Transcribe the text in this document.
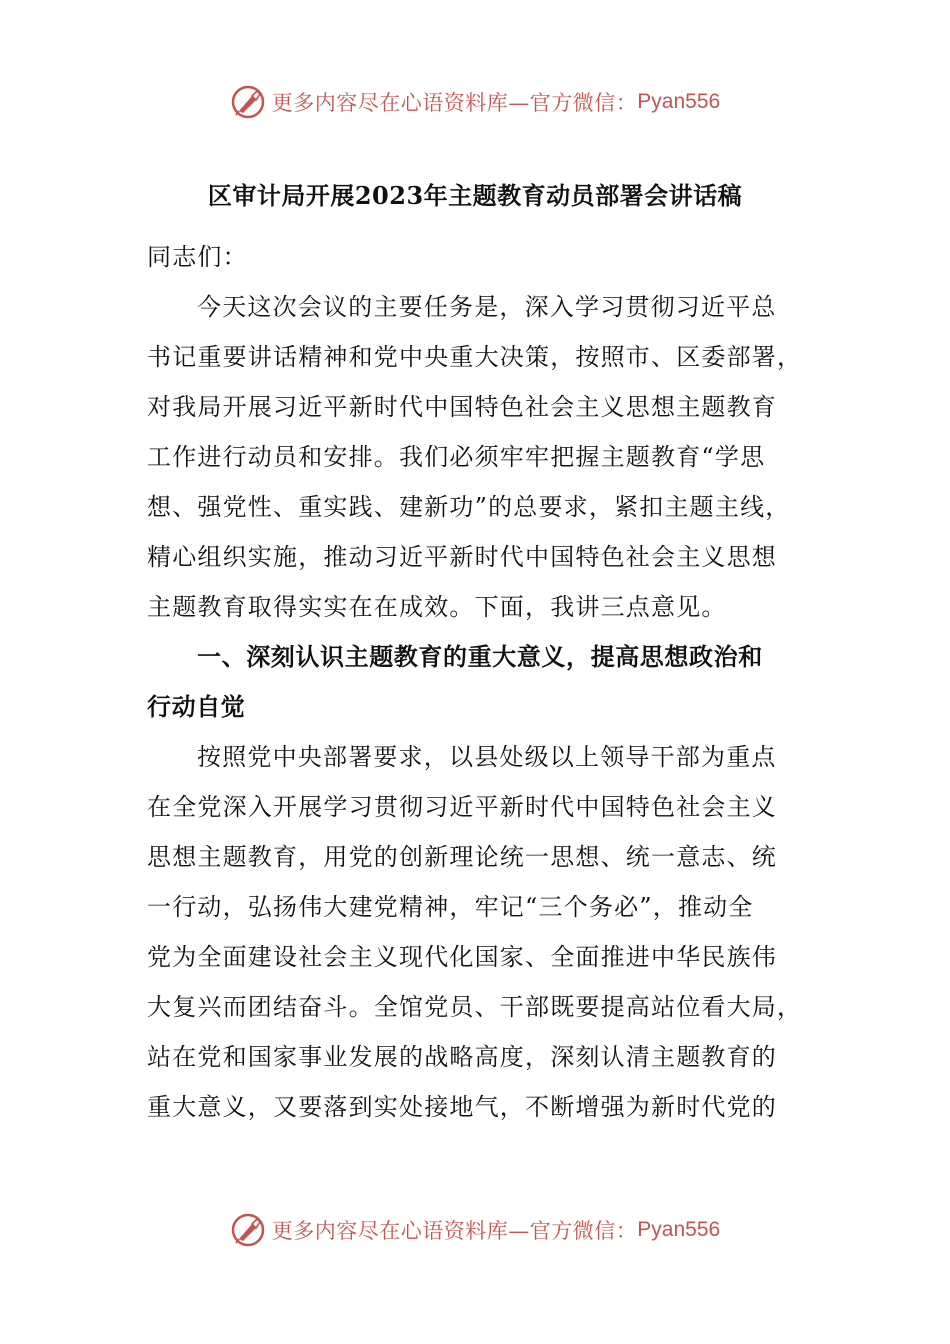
更多内容尽在心语资料库—官方微信： Pyan556
区审计局开展2023年主题教育动员部署会讲话稿
同志们：
今天这次会议的主要任务是，深入学习贯彻习近平总
书记重要讲话精神和党中央重大决策，按照市、区委部署，
对我局开展习近平新时代中国特色社会主义思想主题教育
工作进行动员和安排。我们必须牢牢把握主题教育“学思
想、强党性、重实践、建新功”的总要求，紧扣主题主线，
精心组织实施，推动习近平新时代中国特色社会主义思想
主题教育取得实实在在成效。下面，我讲三点意见。
一、深刻认识主题教育的重大意义，提高思想政治和
行动自觉
按照党中央部署要求，以县处级以上领导干部为重点
在全党深入开展学习贯彻习近平新时代中国特色社会主义
思想主题教育，用党的创新理论统一思想、统一意志、统
一行动，弘扬伟大建党精神，牢记“三个务必”，推动全
党为全面建设社会主义现代化国家、全面推进中华民族伟
大复兴而团结奋斗。全馆党员、干部既要提高站位看大局，
站在党和国家事业发展的战略高度，深刻认清主题教育的
重大意义，又要落到实处接地气，不断增强为新时代党的
更多内容尽在心语资料库—官方微信： Pyan556
